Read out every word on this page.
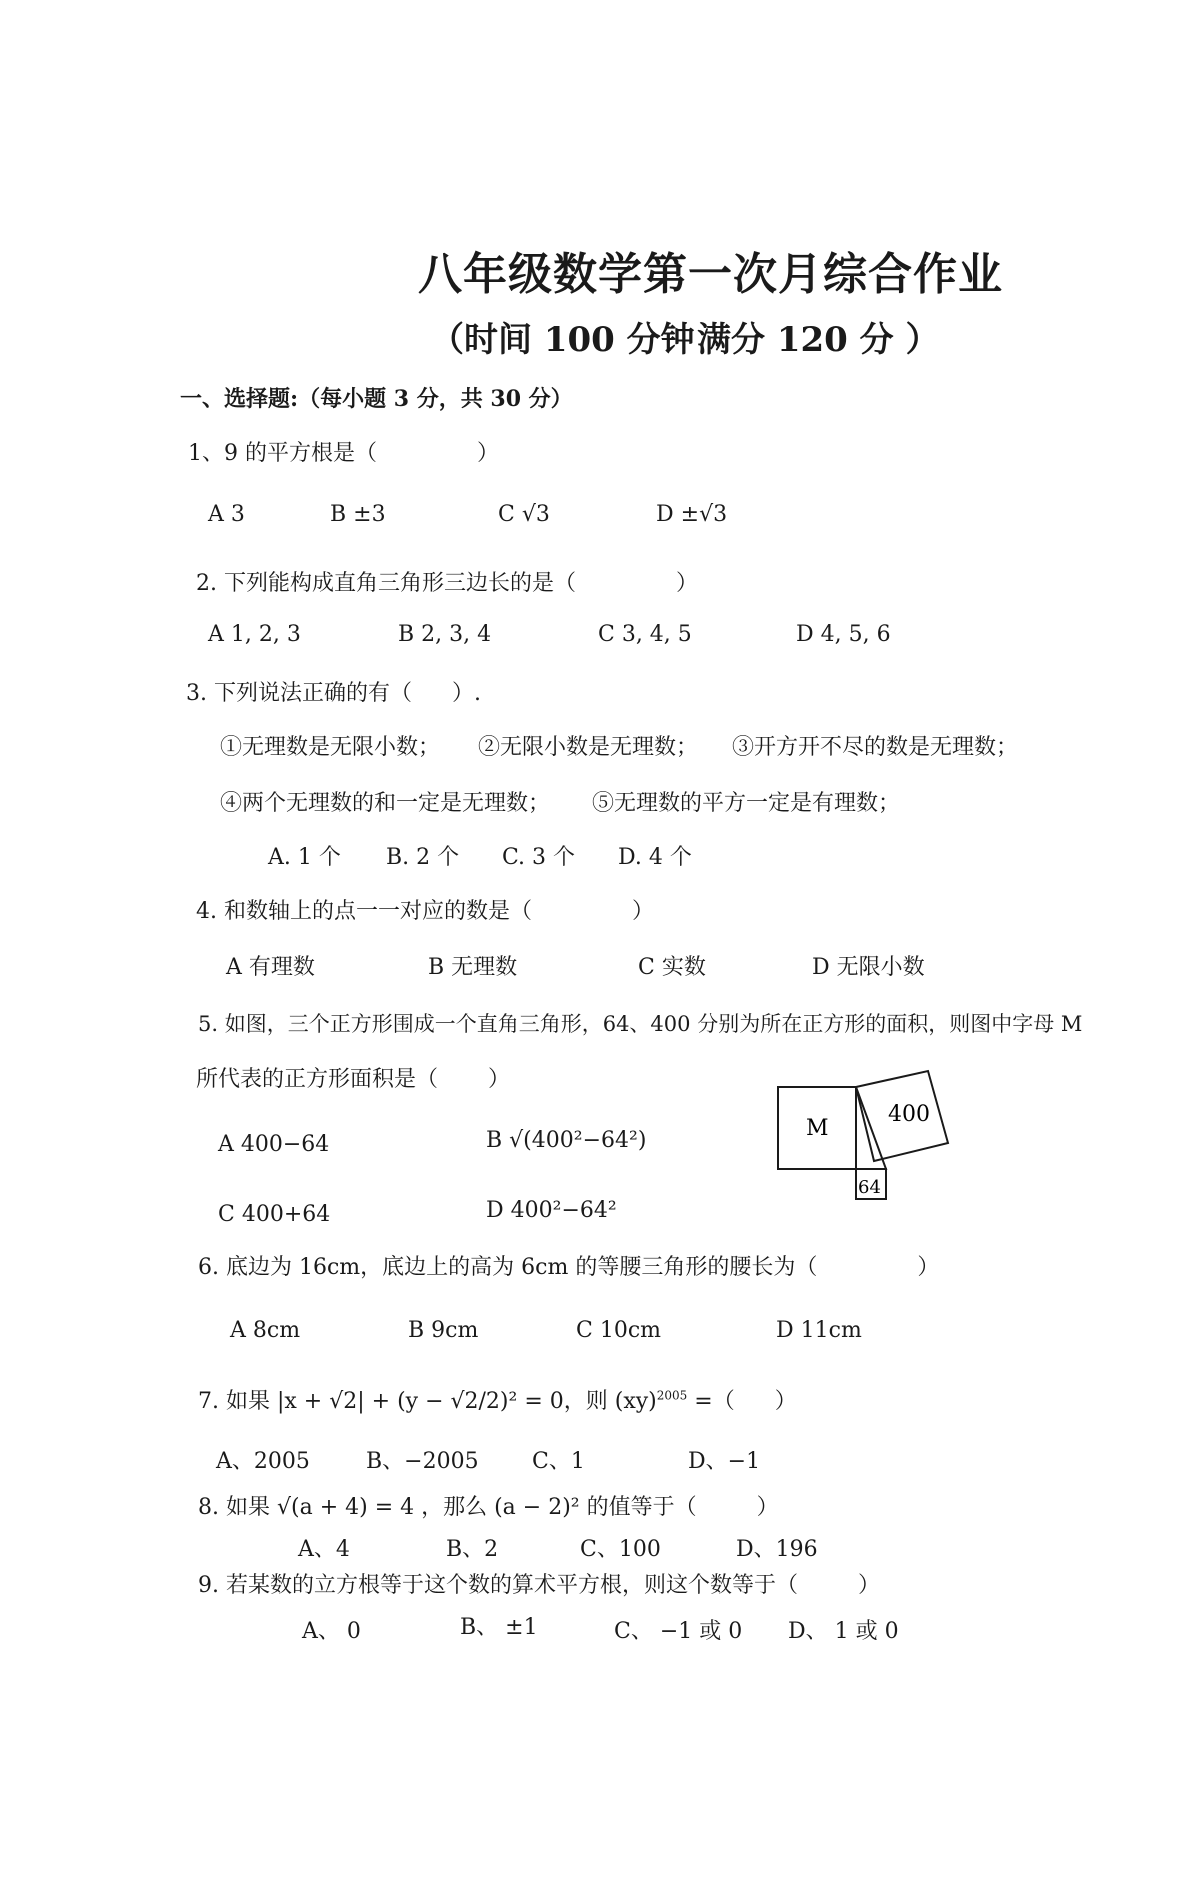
八年级数学第一次月综合作业
（时间 100 分钟 满分 120 分 ）
一、选择题:（每小题 3 分，共 30 分）
1、9 的平方根是（	）
A 3	B ±3	C √3	D ±√3
2. 下列能构成直角三角形三边长的是（	）
A 1, 2, 3	B 2, 3, 4	C 3, 4, 5	D 4, 5, 6
3. 下列说法正确的有（ ）.
①无理数是无限小数； ②无限小数是无理数； ③开方开不尽的数是无理数；
④两个无理数的和一定是无理数； ⑤无理数的平方一定是有理数；
A. 1 个 B. 2 个 C. 3 个 D. 4 个
4. 和数轴上的点一一对应的数是（	）
A 有理数	B 无理数	C 实数	D 无限小数
5. 如图，三个正方形围成一个直角三角形，64、400 分别为所在正方形的面积，则图中字母 M
所代表的正方形面积是（ ）
A 400−64	B √(400²−64²)
C 400+64	D 400²−64²
M
400
64
6. 底边为 16cm，底边上的高为 6cm 的等腰三角形的腰长为（	）
A 8cm	B 9cm	C 10cm	D 11cm
7. 如果 |x + √2| + (y − √2/2)² = 0，则 (xy)$^{2005}$ =（ ）
A、2005	B、−2005 C、1	D、−1
8. 如果 √(a + 4) = 4 ，那么 (a − 2)² 的值等于（	）
A、4	B、2	C、100	D、196
9. 若某数的立方根等于这个数的算术平方根，则这个数等于（	）
A、 0	B、 ±1	C、 −1 或 0 D、 1 或 0
